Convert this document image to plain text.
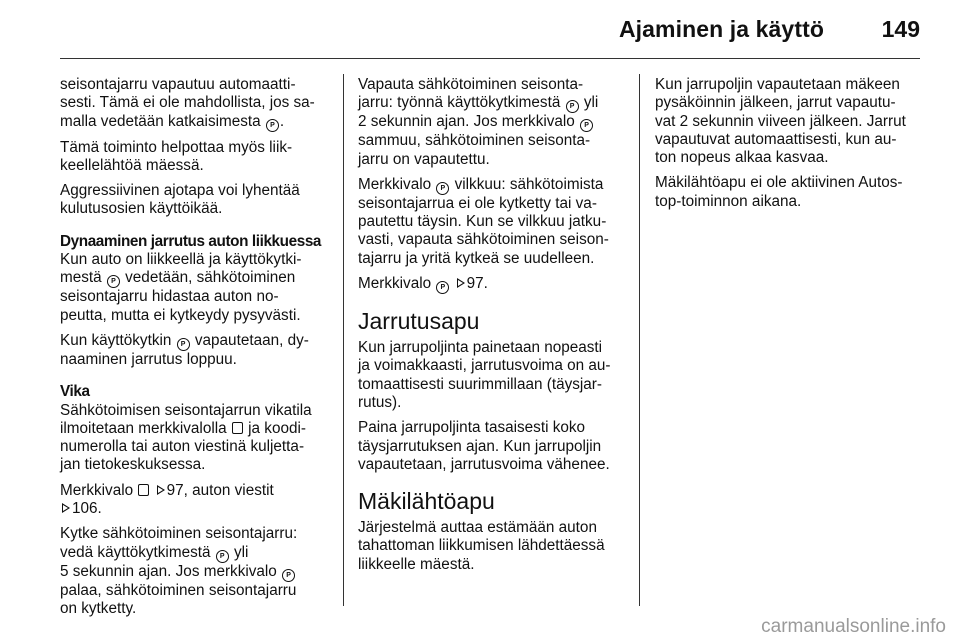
Ajaminen ja käyttö	149

seisontajarru vapautuu automaatti-
sesti. Tämä ei ole mahdollista, jos sa-
malla vedetään katkaisimesta P .

Tämä toiminto helpottaa myös liik-
keellelähtöä mäessä.

Aggressiivinen ajotapa voi lyhentää
kulutusosien käyttöikää.

Dynaaminen jarrutus auton liikkuessa

Kun auto on liikkeellä ja käyttökytki-
mestä P vedetään, sähkötoiminen
seisontajarru hidastaa auton no-
peutta, mutta ei kytkeydy pysyvästi.

Kun käyttökytkin P vapautetaan, dy-
naaminen jarrutus loppuu.

Vika

Sähkötoimisen seisontajarrun vikatila
ilmoitetaan merkkivalolla ja koodi-
numerolla tai auton viestinä kuljetta-
jan tietokeskuksessa.

Merkkivalo 97, auton viestit
106.

Kytke sähkötoiminen seisontajarru:
vedä käyttökytkimestä P yli
5 sekunnin ajan. Jos merkkivalo P
palaa, sähkötoiminen seisontajarru
on kytketty.

Vapauta sähkötoiminen seisonta-
jarru: työnnä käyttökytkimestä P yli
2 sekunnin ajan. Jos merkkivalo P
sammuu, sähkötoiminen seisonta-
jarru on vapautettu.

Merkkivalo P vilkkuu: sähkötoimista
seisontajarrua ei ole kytketty tai va-
pautettu täysin. Kun se vilkkuu jatku-
vasti, vapauta sähkötoiminen seison-
tajarru ja yritä kytkeä se uudelleen.

Merkkivalo P 97.

Jarrutusapu

Kun jarrupoljinta painetaan nopeasti
ja voimakkaasti, jarrutusvoima on au-
tomaattisesti suurimmillaan (täysjar-
rutus).

Paina jarrupoljinta tasaisesti koko
täysjarrutuksen ajan. Kun jarrupoljin
vapautetaan, jarrutusvoima vähenee.

Mäkilähtöapu

Järjestelmä auttaa estämään auton
tahattoman liikkumisen lähdettäessä
liikkeelle mäestä.

Kun jarrupoljin vapautetaan mäkeen
pysäköinnin jälkeen, jarrut vapautu-
vat 2 sekunnin viiveen jälkeen. Jarrut
vapautuvat automaattisesti, kun au-
ton nopeus alkaa kasvaa.

Mäkilähtöapu ei ole aktiivinen Autos-
top-toiminnon aikana.

carmanualsonline.info
